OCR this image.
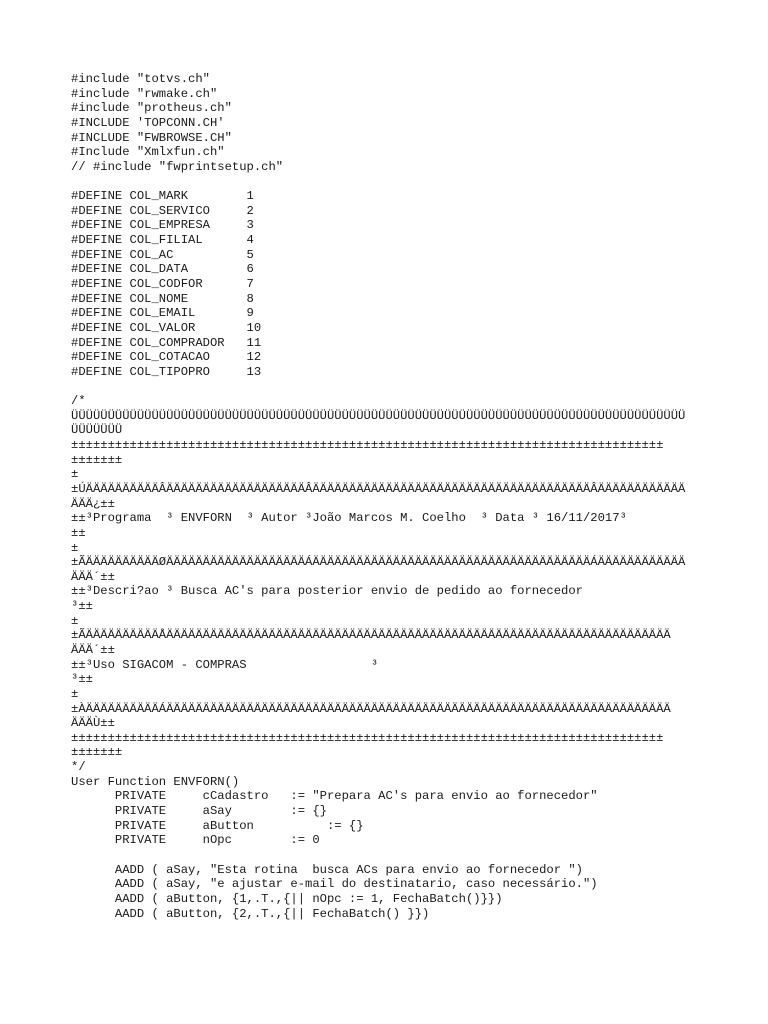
#include "totvs.ch"
#include "rwmake.ch"
#include "protheus.ch"
#INCLUDE 'TOPCONN.CH'
#INCLUDE "FWBROWSE.CH"
#Include "Xmlxfun.ch"
// #include "fwprintsetup.ch"
#DEFINE COL_MARK        1
#DEFINE COL_SERVICO     2
#DEFINE COL_EMPRESA     3
#DEFINE COL_FILIAL      4
#DEFINE COL_AC          5
#DEFINE COL_DATA        6
#DEFINE COL_CODFOR      7
#DEFINE COL_NOME        8
#DEFINE COL_EMAIL       9
#DEFINE COL_VALOR       10
#DEFINE COL_COMPRADOR   11
#DEFINE COL_COTACAO     12
#DEFINE COL_TIPOPRO     13
/*
ÜÜÜÜÜÜÜÜÜÜÜÜÜÜÜÜÜÜÜÜÜÜÜÜÜÜÜÜÜÜÜÜÜÜÜÜÜÜÜÜÜÜÜÜÜÜÜÜÜÜÜÜÜÜÜÜÜÜÜÜÜÜÜÜÜÜÜÜÜÜÜÜÜÜÜÜÜÜÜÜÜÜÜÜ
ÜÜÜÜÜÜÜ
±±±±±±±±±±±±±±±±±±±±±±±±±±±±±±±±±±±±±±±±±±±±±±±±±±±±±±±±±±±±±±±±±±±±±±±±±±±±±±±±±
±±±±±±±
±
±ÚÄÄÄÄÄÄÄÄÄÄÂÄÄÄÄÄÄÄÄÄÄÄÄÄÄÄÄÄÄÄÂÄÄÄÄÄÄÄÄÄÄÄÄÄÄÄÄÄÄÄÄÄÄÄÄÄÄÄÄÄÄÄÄÄÄÄÄÄÄÂÄÄÄÄÄÄÄÄÄÄÄÄ
ÄÄÄ¿±±
±±³Programa  ³ ENVFORN  ³ Autor ³João Marcos M. Coelho  ³ Data ³ 16/11/2017³
±±
±
±ÃÄÄÄÄÄÄÄÄÄÄØÄÄÄÄÄÄÄÄÄÄÄÄÄÄÄÄÄÄÄÁÄÄÄÄÄÄÄÄÄÄÄÄÄÄÄÄÄÄÄÄÄÄÄÄÄÄÄÄÄÄÄÄÄÄÄÄÄÄÁÄÄÄÄÄÄÄÄÄÄÄÄ
ÄÄÄ´±±
±±³Descri?ao ³ Busca AC's para posterior envio de pedido ao fornecedor
³±±
±
±ÃÄÄÄÄÄÄÄÄÄÄÅÄÄÄÄÄÄÄÄÄÄÄÄÄÄÄÄÄÄÄÄÄÄÄÄÄÄÄÄÄÄÄÄÄÄÄÄÄÄÄÄÄÄÄÄÄÄÄÄÄÄÄÄÄÄÄÄÄÄÄÄÄÄÄÄÄÄÄÄÄ
ÄÄÄ´±±
±±³Uso SIGACOM - COMPRAS                 ³
³±±
±
±ÀÄÄÄÄÄÄÄÄÄÄÁÄÄÄÄÄÄÄÄÄÄÄÄÄÄÄÄÄÄÄÄÄÄÄÄÄÄÄÄÄÄÄÄÄÄÄÄÄÄÄÄÄÄÄÄÄÄÄÄÄÄÄÄÄÄÄÄÄÄÄÄÄÄÄÄÄÄÄÄÄ
ÄÄÄÙ±±
±±±±±±±±±±±±±±±±±±±±±±±±±±±±±±±±±±±±±±±±±±±±±±±±±±±±±±±±±±±±±±±±±±±±±±±±±±±±±±±±±
±±±±±±±
*/
User Function ENVFORN()
PRIVATE     cCadastro   := "Prepara AC's para envio ao fornecedor"
PRIVATE     aSay        := {}
PRIVATE     aButton          := {}
PRIVATE     nOpc        := 0
AADD ( aSay, "Esta rotina  busca ACs para envio ao fornecedor ")
AADD ( aSay, "e ajustar e-mail do destinatario, caso necessário.")
AADD ( aButton, {1,.T.,{|| nOpc := 1, FechaBatch()}})
AADD ( aButton, {2,.T.,{|| FechaBatch() }})
